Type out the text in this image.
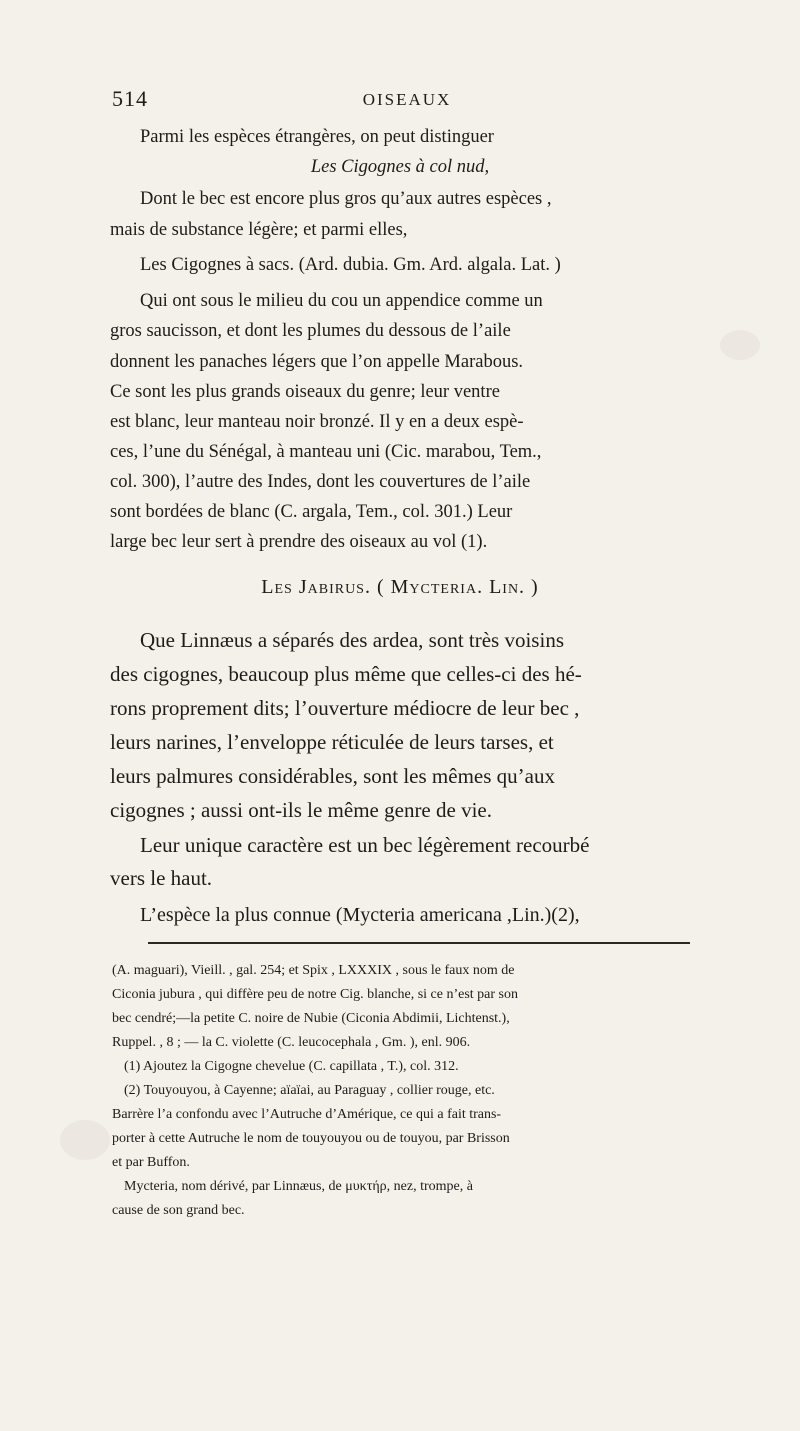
514	OISEAUX
Parmi les espèces étrangères, on peut distinguer
Les Cigognes à col nud,
Dont le bec est encore plus gros qu’aux autres espèces ,
mais de substance légère; et parmi elles,
Les Cigognes à sacs. (Ard. dubia. Gm. Ard. algala. Lat. )
Qui ont sous le milieu du cou un appendice comme un
gros saucisson, et dont les plumes du dessous de l’aile
donnent les panaches légers que l’on appelle Marabous.
Ce sont les plus grands oiseaux du genre; leur ventre
est blanc, leur manteau noir bronzé. Il y en a deux espè-
ces, l’une du Sénégal, à manteau uni (Cic. marabou, Tem.,
col. 300), l’autre des Indes, dont les couvertures de l’aile
sont bordées de blanc (C. argala, Tem., col. 301.) Leur
large bec leur sert à prendre des oiseaux au vol (1).
Les Jabirus. ( Mycteria. Lin. )
Que Linnæus a séparés des ardea, sont très voisins
des cigognes, beaucoup plus même que celles-ci des hé-
rons proprement dits; l’ouverture médiocre de leur bec ,
leurs narines, l’enveloppe réticulée de leurs tarses, et
leurs palmures considérables, sont les mêmes qu’aux
cigognes ; aussi ont-ils le même genre de vie.
Leur unique caractère est un bec légèrement recourbé
vers le haut.
L’espèce la plus connue (Mycteria americana ,Lin.)(2),
(A. maguari), Vieill. , gal. 254; et Spix , LXXXIX , sous le faux nom de
Ciconia jubura , qui diffère peu de notre Cig. blanche, si ce n’est par son
bec cendré;—la petite C. noire de Nubie (Ciconia Abdimii, Lichtenst.),
Ruppel. , 8 ; — la C. violette (C. leucocephala , Gm. ), enl. 906.
(1) Ajoutez la Cigogne chevelue (C. capillata , T.), col. 312.
(2) Touyouyou, à Cayenne; aïaïai, au Paraguay , collier rouge, etc.
Barrère l’a confondu avec l’Autruche d’Amérique, ce qui a fait trans-
porter à cette Autruche le nom de touyouyou ou de touyou, par Brisson
et par Buffon.
Mycteria, nom dérivé, par Linnæus, de μυκτήρ, nez, trompe, à
cause de son grand bec.
